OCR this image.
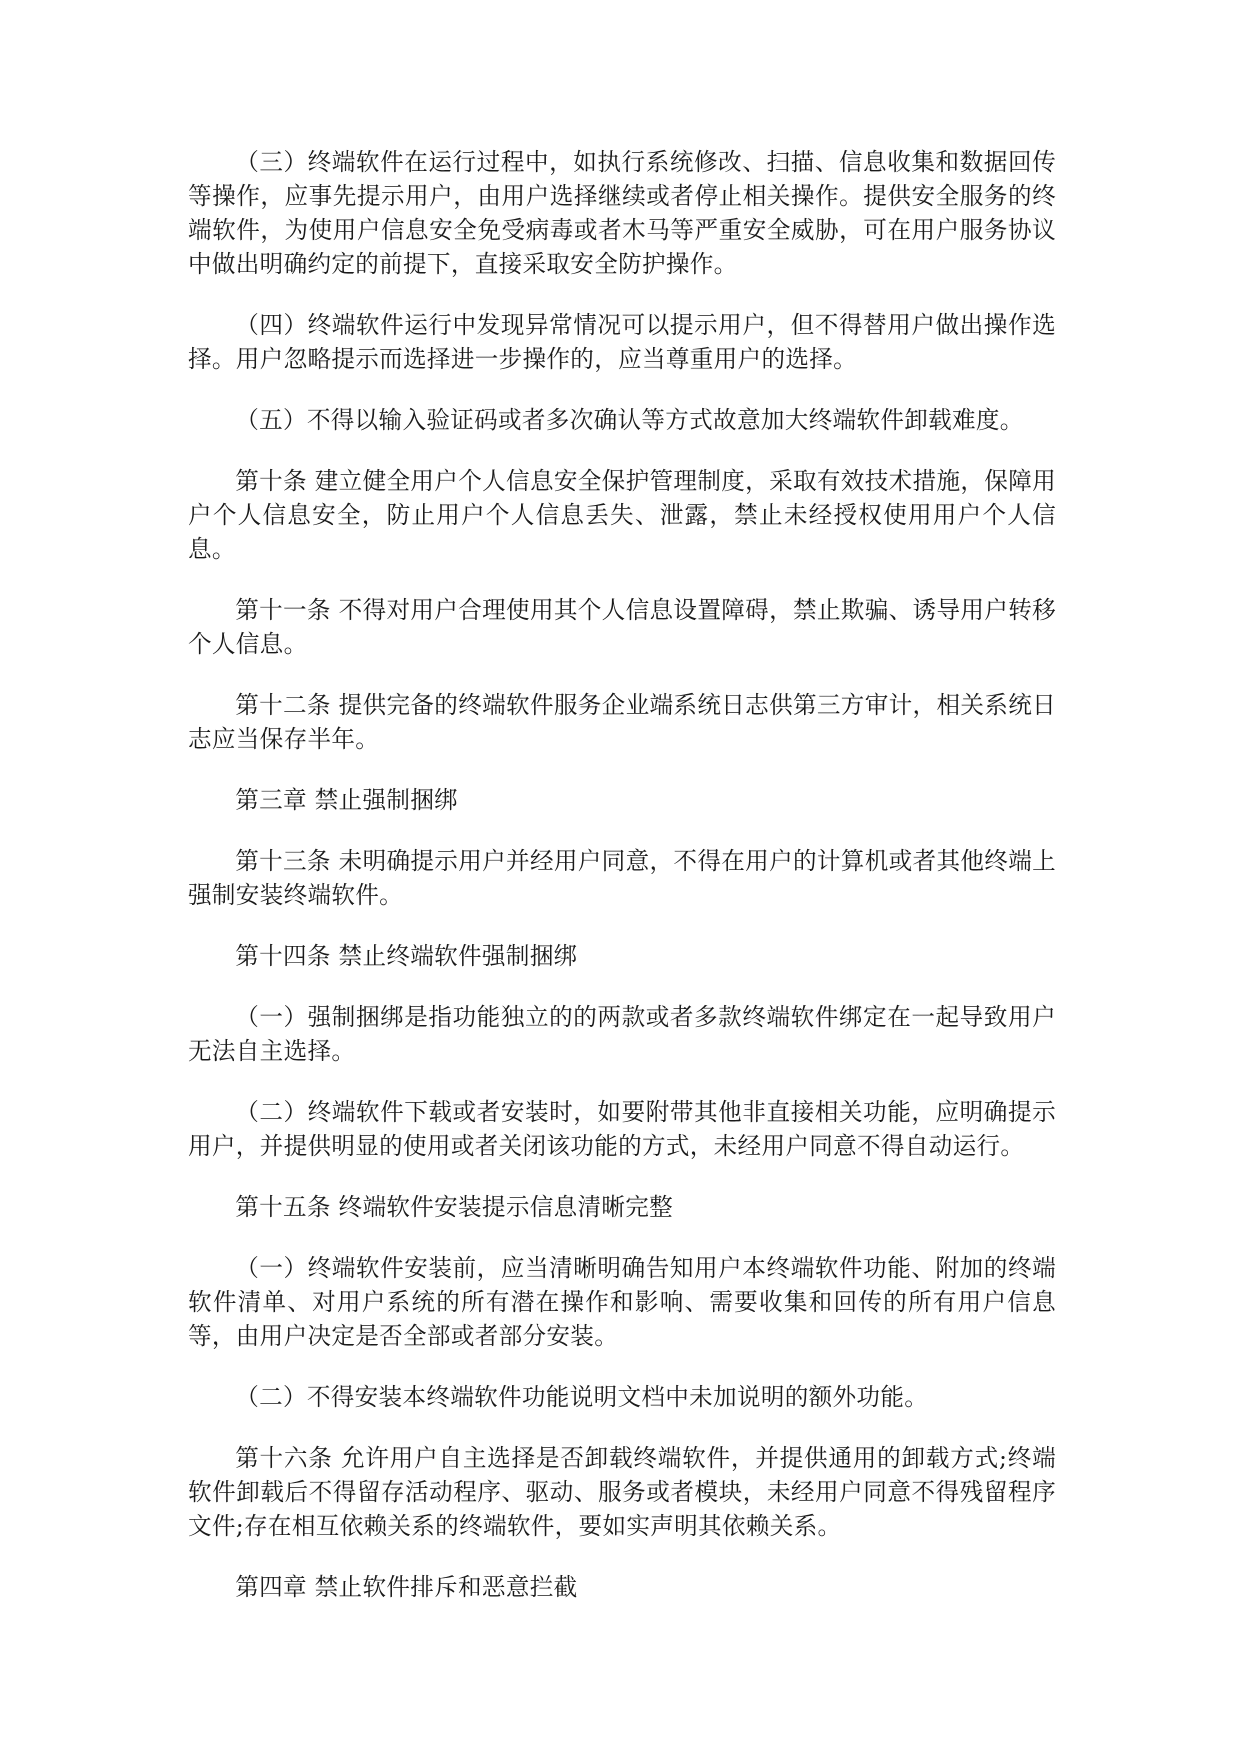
（三）终端软件在运行过程中，如执行系统修改、扫描、信息收集和数据回传等操作，应事先提示用户，由用户选择继续或者停止相关操作。提供安全服务的终端软件，为使用户信息安全免受病毒或者木马等严重安全威胁，可在用户服务协议中做出明确约定的前提下，直接采取安全防护操作。

（四）终端软件运行中发现异常情况可以提示用户，但不得替用户做出操作选择。用户忽略提示而选择进一步操作的，应当尊重用户的选择。

（五）不得以输入验证码或者多次确认等方式故意加大终端软件卸载难度。

第十条 建立健全用户个人信息安全保护管理制度，采取有效技术措施，保障用户个人信息安全，防止用户个人信息丢失、泄露，禁止未经授权使用用户个人信息。

第十一条 不得对用户合理使用其个人信息设置障碍，禁止欺骗、诱导用户转移个人信息。

第十二条 提供完备的终端软件服务企业端系统日志供第三方审计，相关系统日志应当保存半年。

第三章 禁止强制捆绑

第十三条 未明确提示用户并经用户同意，不得在用户的计算机或者其他终端上强制安装终端软件。

第十四条 禁止终端软件强制捆绑

（一）强制捆绑是指功能独立的的两款或者多款终端软件绑定在一起导致用户无法自主选择。

（二）终端软件下载或者安装时，如要附带其他非直接相关功能，应明确提示用户，并提供明显的使用或者关闭该功能的方式，未经用户同意不得自动运行。

第十五条 终端软件安装提示信息清晰完整

（一）终端软件安装前，应当清晰明确告知用户本终端软件功能、附加的终端软件清单、对用户系统的所有潜在操作和影响、需要收集和回传的所有用户信息等，由用户决定是否全部或者部分安装。

（二）不得安装本终端软件功能说明文档中未加说明的额外功能。

第十六条 允许用户自主选择是否卸载终端软件，并提供通用的卸载方式;终端软件卸载后不得留存活动程序、驱动、服务或者模块，未经用户同意不得残留程序文件;存在相互依赖关系的终端软件，要如实声明其依赖关系。

第四章 禁止软件排斥和恶意拦截
